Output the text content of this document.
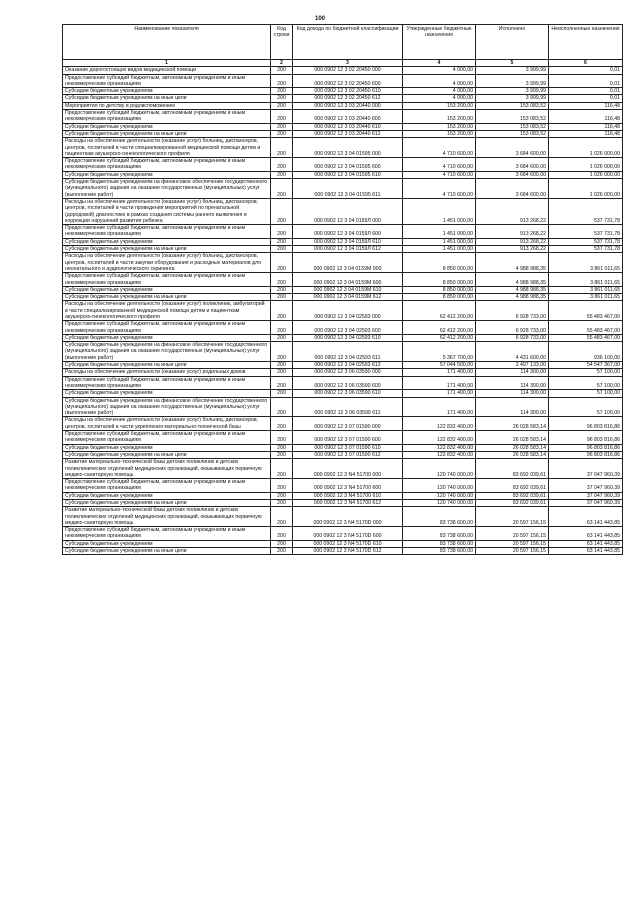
100
Наименование показателя	Код строки	Код дохода по бюджетной классификации	Утвержденные бюджетные назначения	Исполнено	Неисполненные назначения
1	2	3	4	5	6
Оказание дорогостоящих видов медицинской помощи	200	000 0902 12 3 02 20450 000	4 000,00	3 999,99	0,01
Предоставление субсидий бюджетным, автономным учреждениям и иным некоммерческим организациям	200	000 0902 12 3 02 20450 600	4 000,00	3 999,99	0,01
Субсидии бюджетным учреждениям	200	000 0902 12 3 02 20450 610	4 000,00	3 999,99	0,01
Субсидии бюджетным учреждениям на иные цели	200	000 0902 12 3 02 20450 612	4 000,00	3 999,99	0,01
Мероприятия по детству и родовспоможению	200	000 0902 12 3 03 20440 000	153 200,00	153 083,52	116,48
Предоставление субсидий бюджетным, автономным учреждениям и иным некоммерческим организациям	200	000 0902 12 3 03 20440 600	153 200,00	153 083,52	116,48
Субсидии бюджетным учреждениям	200	000 0902 12 3 03 20440 610	153 200,00	153 083,52	116,48
Субсидии бюджетным учреждениям на иные цели	200	000 0902 12 3 03 20440 612	153 200,00	153 083,52	116,48
Расходы на обеспечение деятельности (оказание услуг) больниц, диспансеров, центров, госпиталей в части специализированной медицинской помощи детям и пациенткам акушерско-гинекологического профиля	200	000 0902 12 3 04 01595 000	4 710 600,00	3 684 600,00	1 026 000,00
Предоставление субсидий бюджетным, автономным учреждениям и иным некоммерческим организациям	200	000 0902 12 3 04 01595 600	4 710 600,00	3 684 600,00	1 026 000,00
Субсидии бюджетным учреждениям	200	000 0902 12 3 04 01595 610	4 710 600,00	3 684 600,00	1 026 000,00
Субсидии бюджетным учреждениям на финансовое обеспечение государственного (муниципального) задания на оказание государственных (муниципальных) услуг (выполнение работ)	200	000 0902 12 3 04 01595 611	4 710 600,00	3 684 600,00	1 026 000,00
Расходы на обеспечение деятельности (оказание услуг) больниц, диспансеров, центров, госпиталей в части проведения мероприятий по пренатальной (дородовой) диагностике в рамках создания системы раннего выявления и коррекции нарушений развития ребенка	200	000 0902 12 3 04 0159Л 000	1 451 000,00	913 268,22	537 731,78
Предоставление субсидий бюджетным, автономным учреждениям и иным некоммерческим организациям	200	000 0902 12 3 04 0159Л 600	1 451 000,00	913 268,22	537 731,78
Субсидии бюджетным учреждениям	200	000 0902 12 3 04 0159Л 610	1 451 000,00	913 268,22	537 731,78
Субсидии бюджетным учреждениям на иные цели	200	000 0902 12 3 04 0159Л 612	1 451 000,00	913 268,22	537 731,78
Расходы на обеспечение деятельности (оказание услуг) больниц, диспансеров, центров, госпиталей в части закупки оборудования и расходных материалов для неонатального и аудиологического скрининга	200	000 0902 12 3 04 0159М 000	8 850 000,00	4 988 988,35	3 861 011,65
Предоставление субсидий бюджетным, автономным учреждениям и иным некоммерческим организациям	200	000 0902 12 3 04 0159М 600	8 850 000,00	4 988 988,35	3 861 011,65
Субсидии бюджетным учреждениям	200	000 0902 12 3 04 0159М 610	8 850 000,00	4 988 988,35	3 861 011,65
Субсидии бюджетным учреждениям на иные цели	200	000 0902 12 3 04 0159М 612	8 850 000,00	4 988 988,35	3 861 011,65
Расходы на обеспечение деятельности (оказание услуг) поликлиник, амбулаторий в части специализированной медицинской помощи детям и пациенткам акушерско-гинекологического профиля	200	000 0902 12 3 04 02593 000	62 412 200,00	6 928 733,00	55 483 467,00
Предоставление субсидий бюджетным, автономным учреждениям и иным некоммерческим организациям	200	000 0902 12 3 04 02593 600	62 412 200,00	6 928 733,00	55 483 467,00
Субсидии бюджетным учреждениям	200	000 0902 12 3 04 02593 610	62 412 200,00	6 928 733,00	55 483 467,00
Субсидии бюджетным учреждениям на финансовое обеспечение государственного (муниципального) задания на оказание государственных (муниципальных) услуг (выполнение работ)	200	000 0902 12 3 04 02593 611	5 367 700,00	4 431 600,00	936 100,00
Субсидии бюджетным учреждениям на иные цели	200	000 0902 12 3 04 02593 612	57 044 500,00	2 497 133,00	54 547 367,00
Расходы на обеспечение деятельности (оказание услуг) родильных домов	200	000 0902 12 3 06 03590 000	171 400,00	114 300,00	57 100,00
Предоставление субсидий бюджетным, автономным учреждениям и иным некоммерческим организациям	200	000 0902 12 3 06 03590 600	171 400,00	114 300,00	57 100,00
Субсидии бюджетным учреждениям	200	000 0902 12 3 06 03590 610	171 400,00	114 300,00	57 100,00
Субсидии бюджетным учреждениям на финансовое обеспечение государственного (муниципального) задания на оказание государственных (муниципальных) услуг (выполнение работ)	200	000 0902 12 3 06 03590 611	171 400,00	114 300,00	57 100,00
Расходы на обеспечение деятельности (оказание услуг) больниц, диспансеров, центров, госпиталей в части укрепления материально-технической базы	200	000 0902 12 3 07 01590 000	122 832 400,00	26 028 583,14	96 803 816,86
Предоставление субсидий бюджетным, автономным учреждениям и иным некоммерческим организациям	200	000 0902 12 3 07 01590 600	122 832 400,00	26 028 583,14	96 803 816,86
Субсидии бюджетным учреждениям	200	000 0902 12 3 07 01590 610	122 832 400,00	26 028 583,14	96 803 816,86
Субсидии бюджетным учреждениям на иные цели	200	000 0902 12 3 07 01590 612	122 832 400,00	26 028 583,14	96 803 816,86
Развитие материально-технической базы детских поликлиник и детских поликлинических отделений медицинских организаций, оказывающих первичную медико-санитарную помощь	200	000 0902 12 3 N4 51700 000	120 740 000,00	83 692 039,61	37 047 960,39
Предоставление субсидий бюджетным, автономным учреждениям и иным некоммерческим организациям	200	000 0902 12 3 N4 51700 600	120 740 000,00	83 692 039,61	37 047 960,39
Субсидии бюджетным учреждениям	200	000 0902 12 3 N4 51700 610	120 740 000,00	83 692 039,61	37 047 960,39
Субсидии бюджетным учреждениям на иные цели	200	000 0902 12 3 N4 51700 612	120 740 000,00	83 692 039,61	37 047 960,39
Развитие материально-технической базы детских поликлиник и детских поликлинических отделений медицинских организаций, оказывающих первичную медико-санитарную помощь	200	000 0902 12 3 N4 5170D 000	83 738 600,00	20 597 156,15	63 141 443,85
Предоставление субсидий бюджетным, автономным учреждениям и иным некоммерческим организациям	200	000 0902 12 3 N4 5170D 600	83 738 600,00	20 597 156,15	63 141 443,85
Субсидии бюджетным учреждениям	200	000 0902 12 3 N4 5170D 610	83 738 600,00	20 597 156,15	63 141 443,85
Субсидии бюджетным учреждениям на иные цели	200	000 0902 12 3 N4 5170D 612	83 738 600,00	20 597 156,15	63 141 443,85
